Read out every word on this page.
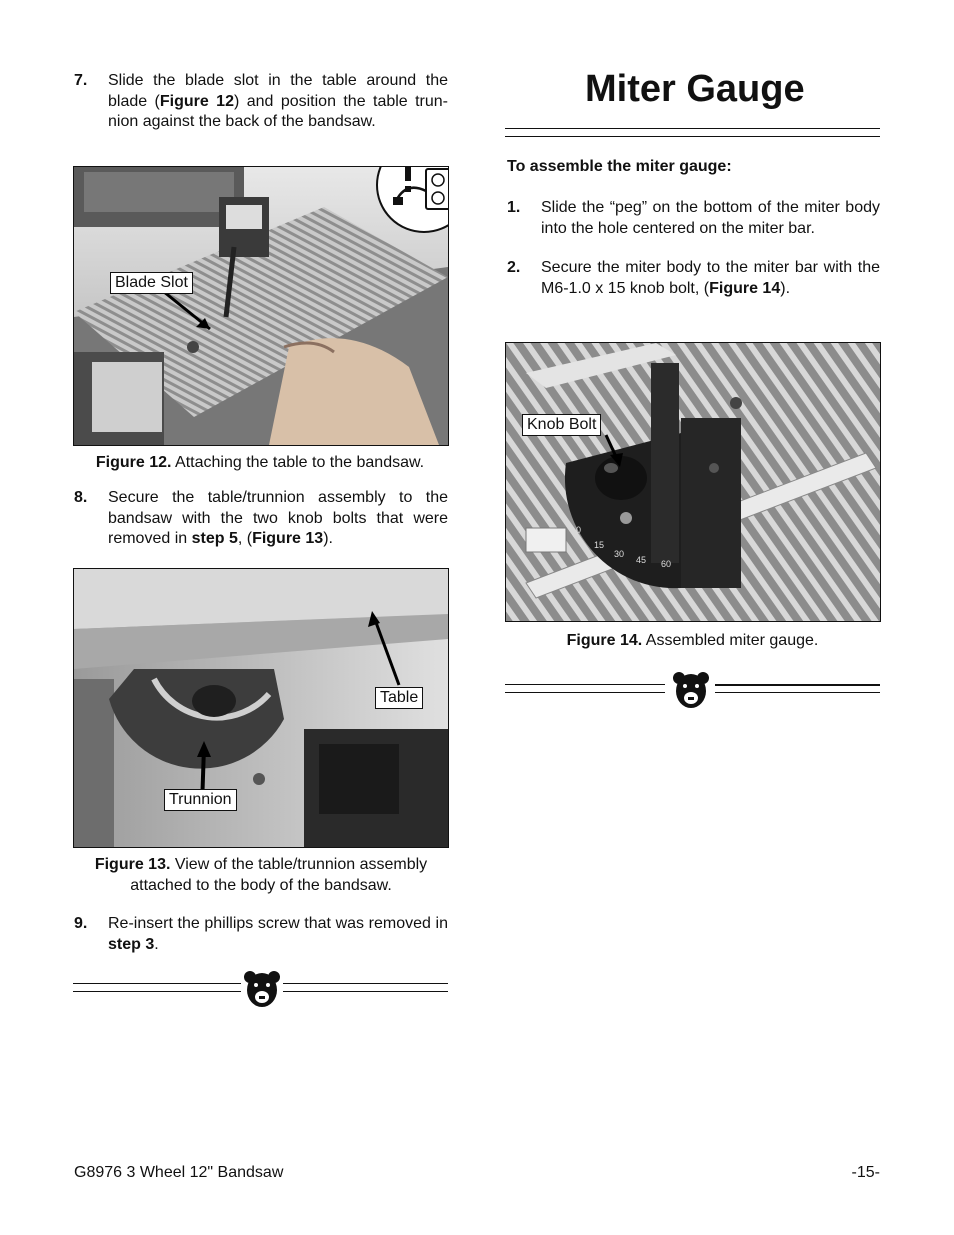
7. Slide the blade slot in the table around the blade (Figure 12) and position the table trun-nion against the back of the bandsaw.
Blade Slot
Figure 12. Attaching the table to the bandsaw.
8. Secure the table/trunnion assembly to the bandsaw with the two knob bolts that were removed in step 5, (Figure 13).
Table
Trunnion
Figure 13. View of the table/trunnion assembly attached to the body of the bandsaw.
9. Re-insert the phillips screw that was removed in step 3.
Miter Gauge
To assemble the miter gauge:
1. Slide the “peg” on the bottom of the miter body into the hole centered on the miter bar.
2. Secure the miter body to the miter bar with the M6-1.0 x 15 knob bolt, (Figure 14).
0
15
30
45 60
Knob Bolt
Figure 14. Assembled miter gauge.
G8976 3 Wheel 12" Bandsaw	-15-
